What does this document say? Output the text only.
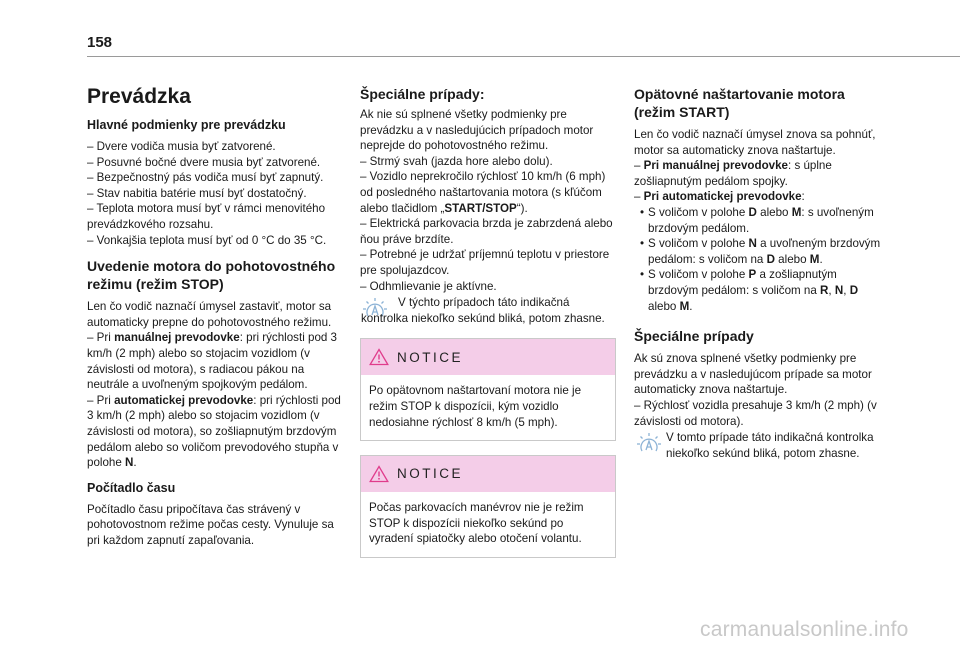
158
Prevádzka
Hlavné podmienky pre prevádzku

– Dvere vodiča musia byť zatvorené.

– Posuvné bočné dvere musia byť zatvorené.

– Bezpečnostný pás vodiča musí byť zapnutý.

– Stav nabitia batérie musí byť dostatočný.

– Teplota motora musí byť v rámci menovitého prevádzkového rozsahu.

– Vonkajšia teplota musí byť od 0 °C do 35 °C.

Uvedenie motora do pohotovostného režimu (režim STOP)

Len čo vodič naznačí úmysel zastaviť, motor sa automaticky prepne do pohotovostného režimu.

– Pri manuálnej prevodovke: pri rýchlosti pod 3 km/h (2 mph) alebo so stojacim vozidlom (v závislosti od motora), s radiacou pákou na neutrále a uvoľneným spojkovým pedálom.

– Pri automatickej prevodovke: pri rýchlosti pod 3 km/h (2 mph) alebo so stojacim vozidlom (v závislosti od motora), so zošliapnutým brzdovým pedálom alebo so voličom prevodového stupňa v polohe N.

Počítadlo času

Počítadlo času pripočítava čas strávený v pohotovostnom režime počas cesty. Vynuluje sa pri každom zapnutí zapaľovania.

Špeciálne prípady:

Ak nie sú splnené všetky podmienky pre prevádzku a v nasledujúcich prípadoch motor neprejde do pohotovostného režimu.

– Strmý svah (jazda hore alebo dolu).

– Vozidlo neprekročilo rýchlosť 10 km/h (6 mph) od posledného naštartovania motora (s kľúčom alebo tlačidlom „START/STOP“).

– Elektrická parkovacia brzda je zabrzdená alebo ňou práve brzdíte.

– Potrebné je udržať príjemnú teplotu v priestore pre spolujazdcov.

– Odhmlievanie je aktívne.

V týchto prípadoch táto indikačná kontrolka niekoľko sekúnd bliká, potom zhasne.

NOTICE
Po opätovnom naštartovaní motora nie je režim STOP k dispozícii, kým vozidlo nedosiahne rýchlosť 8 km/h (5 mph).
NOTICE
Počas parkovacích manévrov nie je režim STOP k dispozícii niekoľko sekúnd po vyradení spiatočky alebo otočení volantu.
Opätovné naštartovanie motora (režim START)

Len čo vodič naznačí úmysel znova sa pohnúť, motor sa automaticky znova naštartuje.

– Pri manuálnej prevodovke: s úplne zošliapnutým pedálom spojky.

– Pri automatickej prevodovke:

• S voličom v polohe D alebo M: s uvoľneným brzdovým pedálom.

• S voličom v polohe N a uvoľneným brzdovým pedálom: s voličom na D alebo M.

• S voličom v polohe P a zošliapnutým brzdovým pedálom: s voličom na R, N, D alebo M.

Špeciálne prípady

Ak sú znova splnené všetky podmienky pre prevádzku a v nasledujúcom prípade sa motor automaticky znova naštartuje.

– Rýchlosť vozidla presahuje 3 km/h (2 mph) (v závislosti od motora).

V tomto prípade táto indikačná kontrolka niekoľko sekúnd bliká, potom zhasne.

carmanualsonline.info
